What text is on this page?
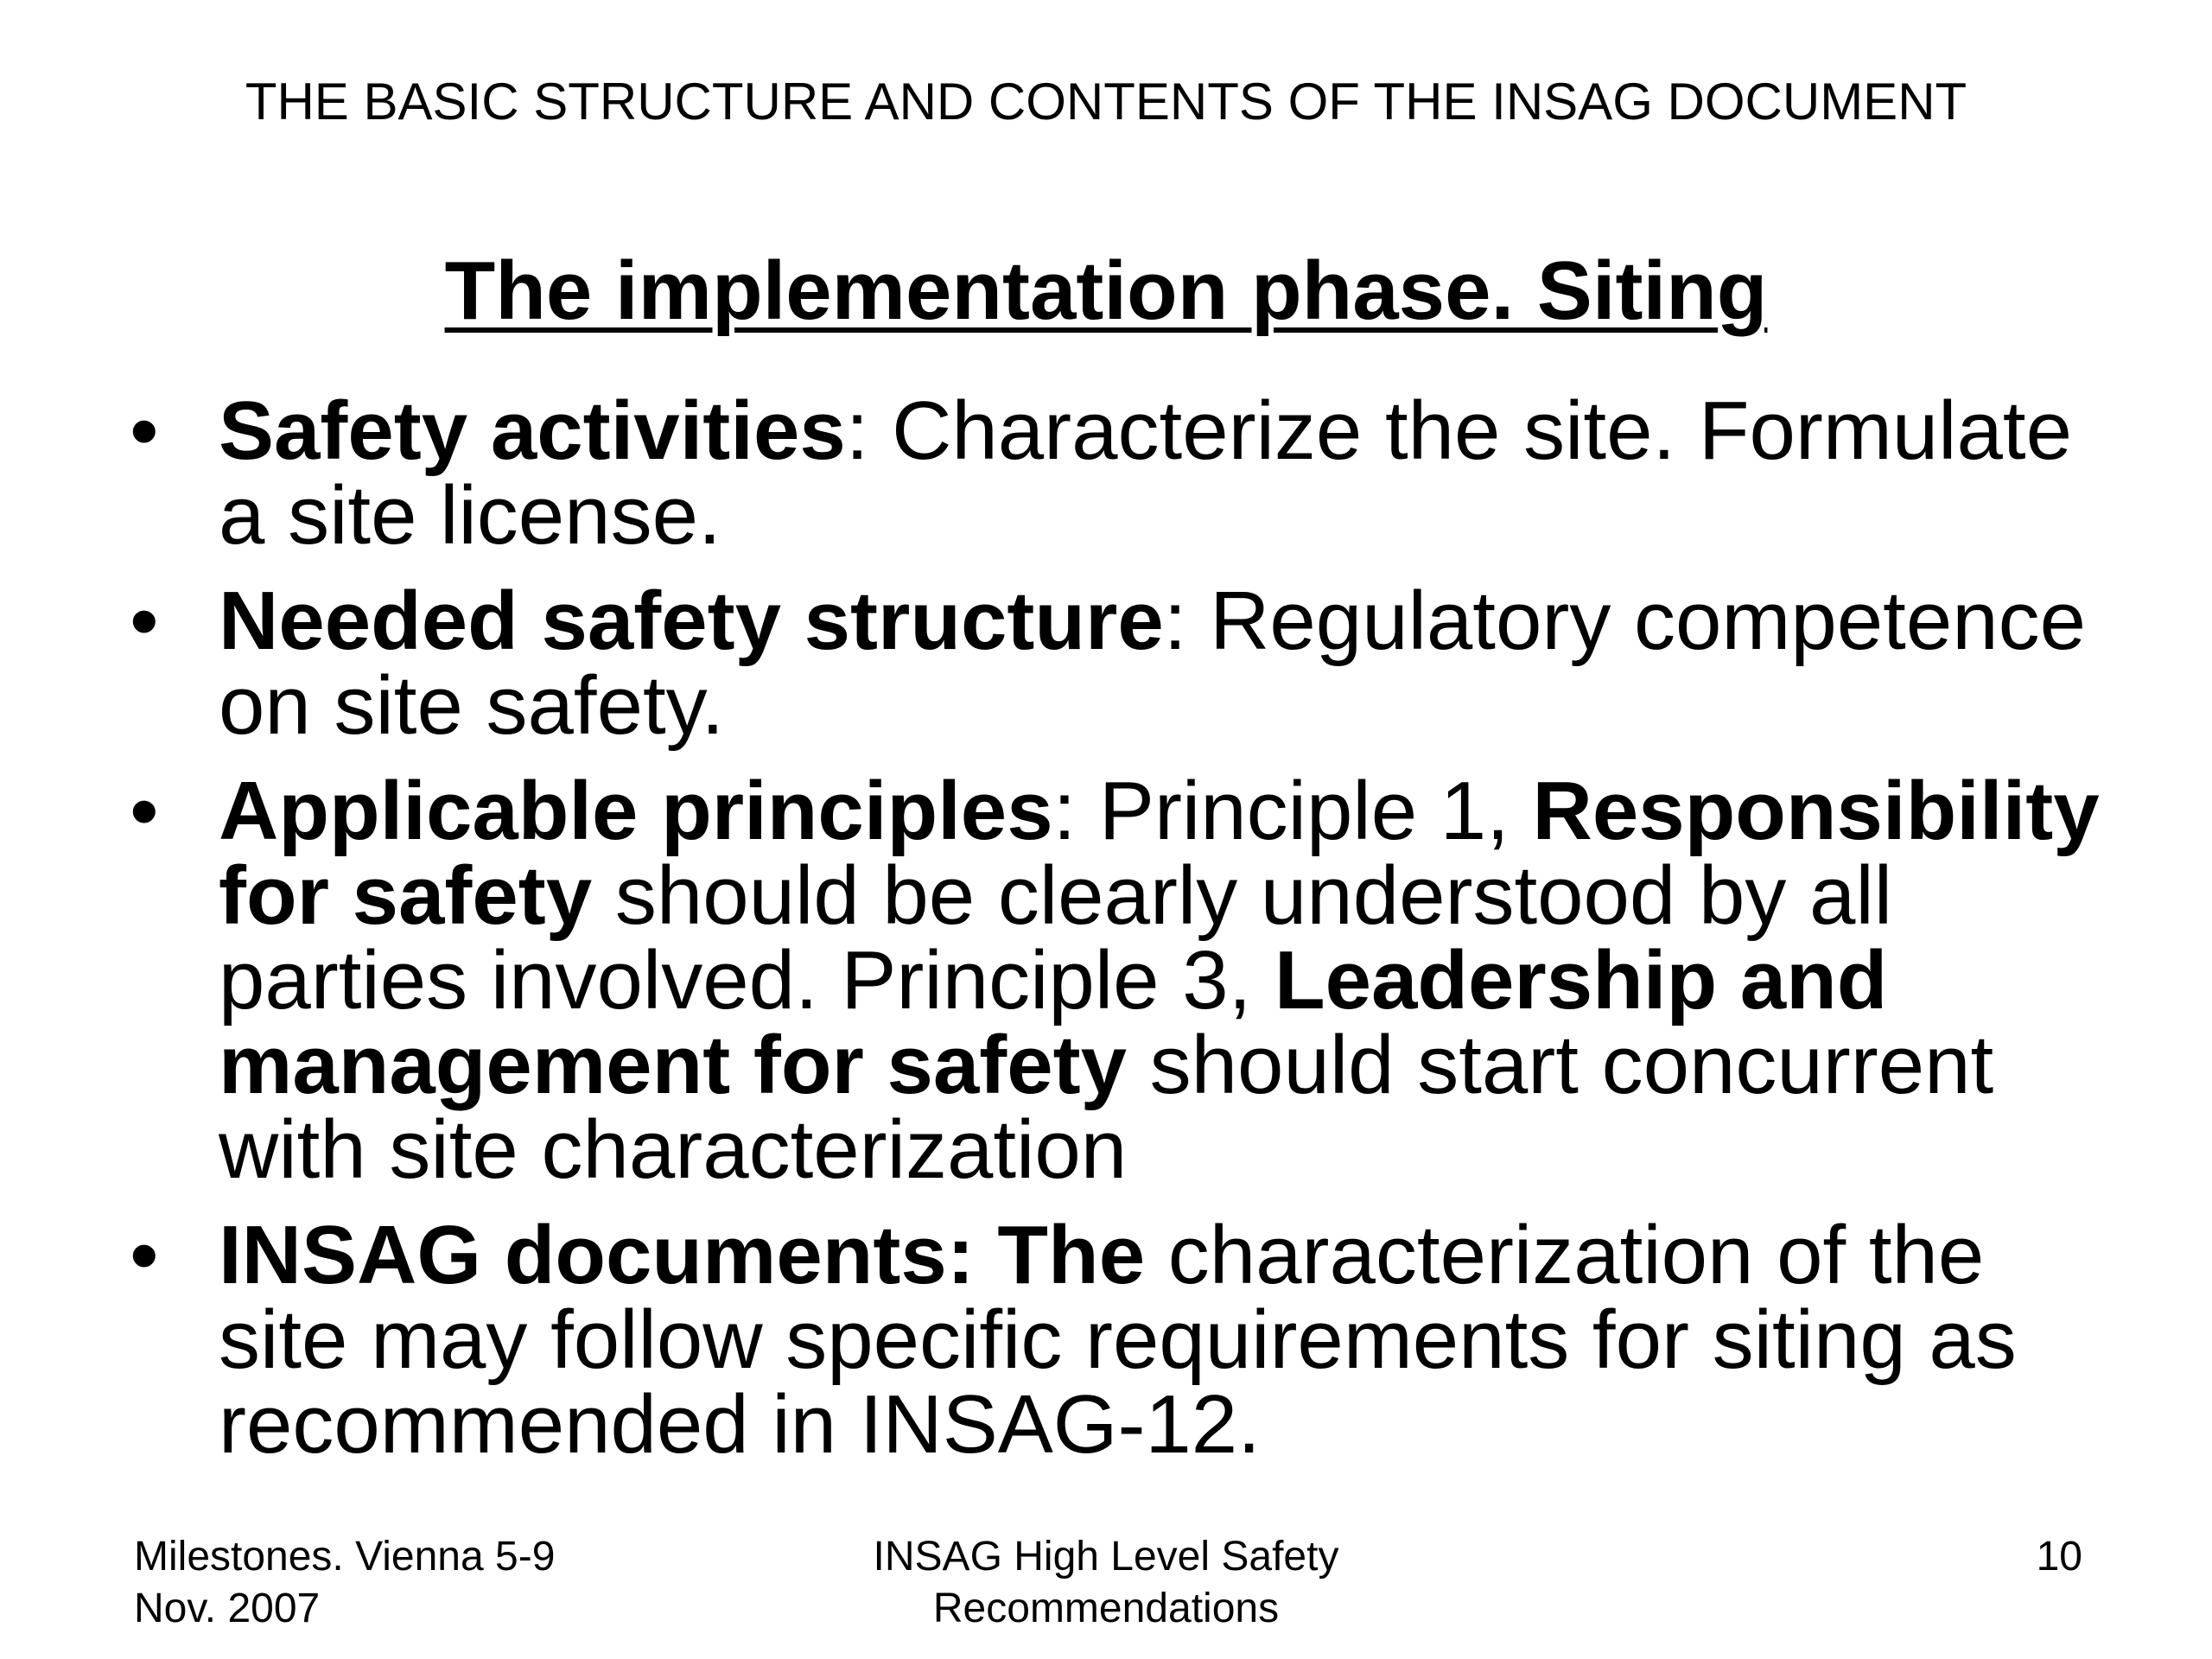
THE BASIC STRUCTURE AND CONTENTS OF THE INSAG DOCUMENT
The implementation phase. Siting
• Safety activities: Characterize the site. Formulate a site license.
• Needed safety structure: Regulatory competence on site safety.
• Applicable principles: Principle 1, Responsibility for safety should be clearly understood by all parties involved. Principle 3, Leadership and management for safety should start concurrent with site characterization
• INSAG documents: The characterization of the site may follow specific requirements for siting as recommended in INSAG-12.
Milestones. Vienna 5-9
Nov. 2007
INSAG High Level Safety
Recommendations
10
